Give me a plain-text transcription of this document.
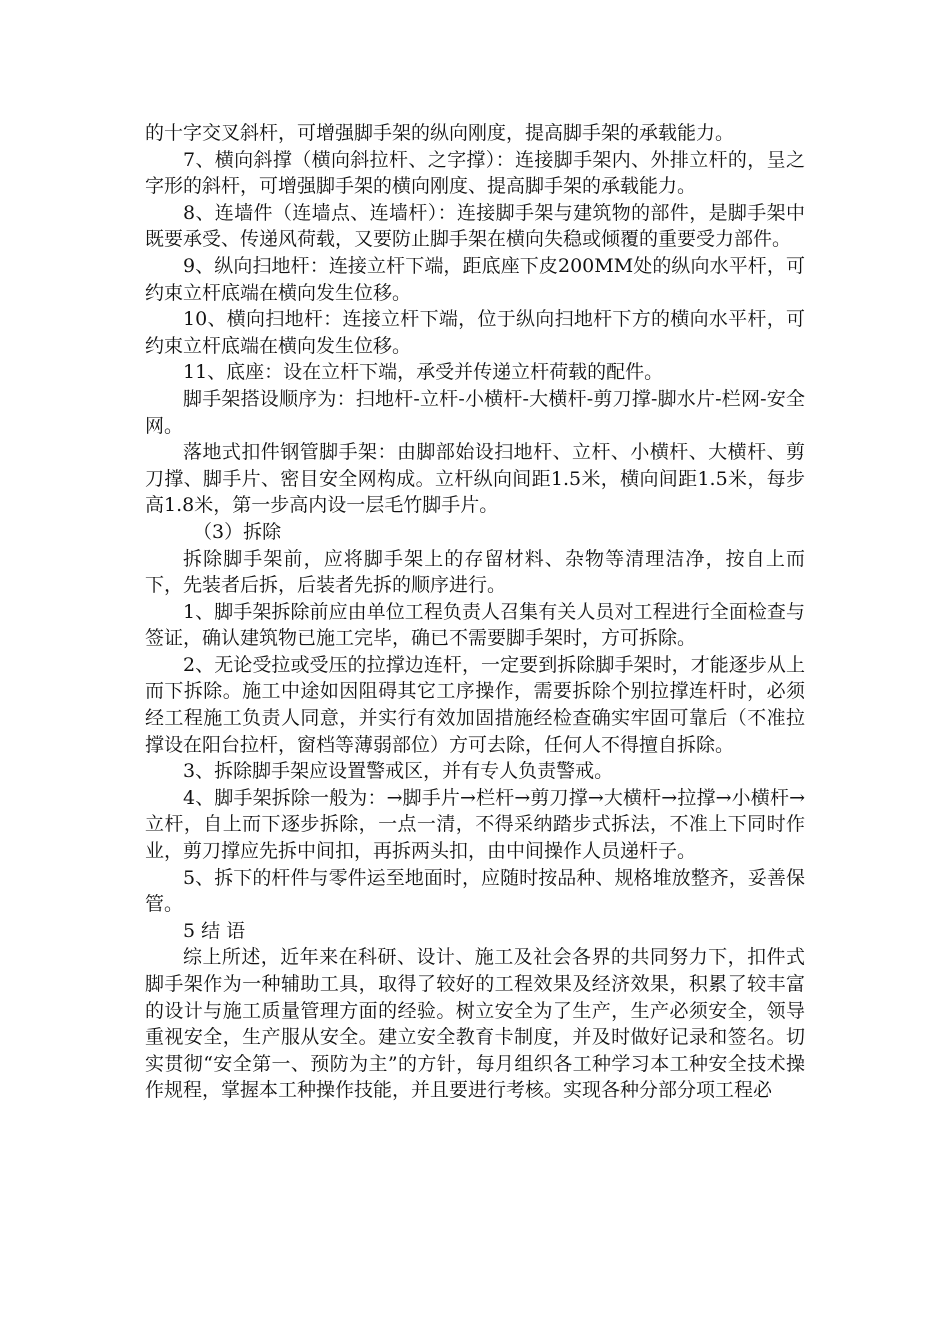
的十字交叉斜杆，可增强脚手架的纵向刚度，提高脚手架的承载能力。

7、横向斜撑（横向斜拉杆、之字撑）：连接脚手架内、外排立杆的，呈之字形的斜杆，可增强脚手架的横向刚度、提高脚手架的承载能力。

8、连墙件（连墙点、连墙杆）：连接脚手架与建筑物的部件，是脚手架中既要承受、传递风荷载，又要防止脚手架在横向失稳或倾覆的重要受力部件。

9、纵向扫地杆：连接立杆下端，距底座下皮200MM处的纵向水平杆，可约束立杆底端在横向发生位移。

10、横向扫地杆：连接立杆下端，位于纵向扫地杆下方的横向水平杆，可约束立杆底端在横向发生位移。

11、底座：设在立杆下端，承受并传递立杆荷载的配件。

脚手架搭设顺序为：扫地杆-立杆-小横杆-大横杆-剪刀撑-脚水片-栏网-安全网。

落地式扣件钢管脚手架：由脚部始设扫地杆、立杆、小横杆、大横杆、剪刀撑、脚手片、密目安全网构成。立杆纵向间距1.5米，横向间距1.5米，每步高1.8米，第一步高内设一层毛竹脚手片。

（3）拆除

拆除脚手架前，应将脚手架上的存留材料、杂物等清理洁净，按自上而下，先装者后拆，后装者先拆的顺序进行。

1、脚手架拆除前应由单位工程负责人召集有关人员对工程进行全面检查与签证，确认建筑物已施工完毕，确已不需要脚手架时，方可拆除。

2、无论受拉或受压的拉撑边连杆，一定要到拆除脚手架时，才能逐步从上而下拆除。施工中途如因阻碍其它工序操作，需要拆除个别拉撑连杆时，必须经工程施工负责人同意，并实行有效加固措施经检查确实牢固可靠后（不准拉撑设在阳台拉杆，窗档等薄弱部位）方可去除，任何人不得擅自拆除。

3、拆除脚手架应设置警戒区，并有专人负责警戒。

4、脚手架拆除一般为：→脚手片→栏杆→剪刀撑→大横杆→拉撑→小横杆→立杆，自上而下逐步拆除，一点一清，不得采纳踏步式拆法，不准上下同时作业，剪刀撑应先拆中间扣，再拆两头扣，由中间操作人员递杆子。

5、拆下的杆件与零件运至地面时，应随时按品种、规格堆放整齐，妥善保管。

5 结 语

综上所述，近年来在科研、设计、施工及社会各界的共同努力下，扣件式脚手架作为一种辅助工具，取得了较好的工程效果及经济效果，积累了较丰富的设计与施工质量管理方面的经验。树立安全为了生产，生产必须安全，领导重视安全，生产服从安全。建立安全教育卡制度，并及时做好记录和签名。切实贯彻“安全第一、预防为主”的方针，每月组织各工种学习本工种安全技术操作规程，掌握本工种操作技能，并且要进行考核。实现各种分部分项工程必
